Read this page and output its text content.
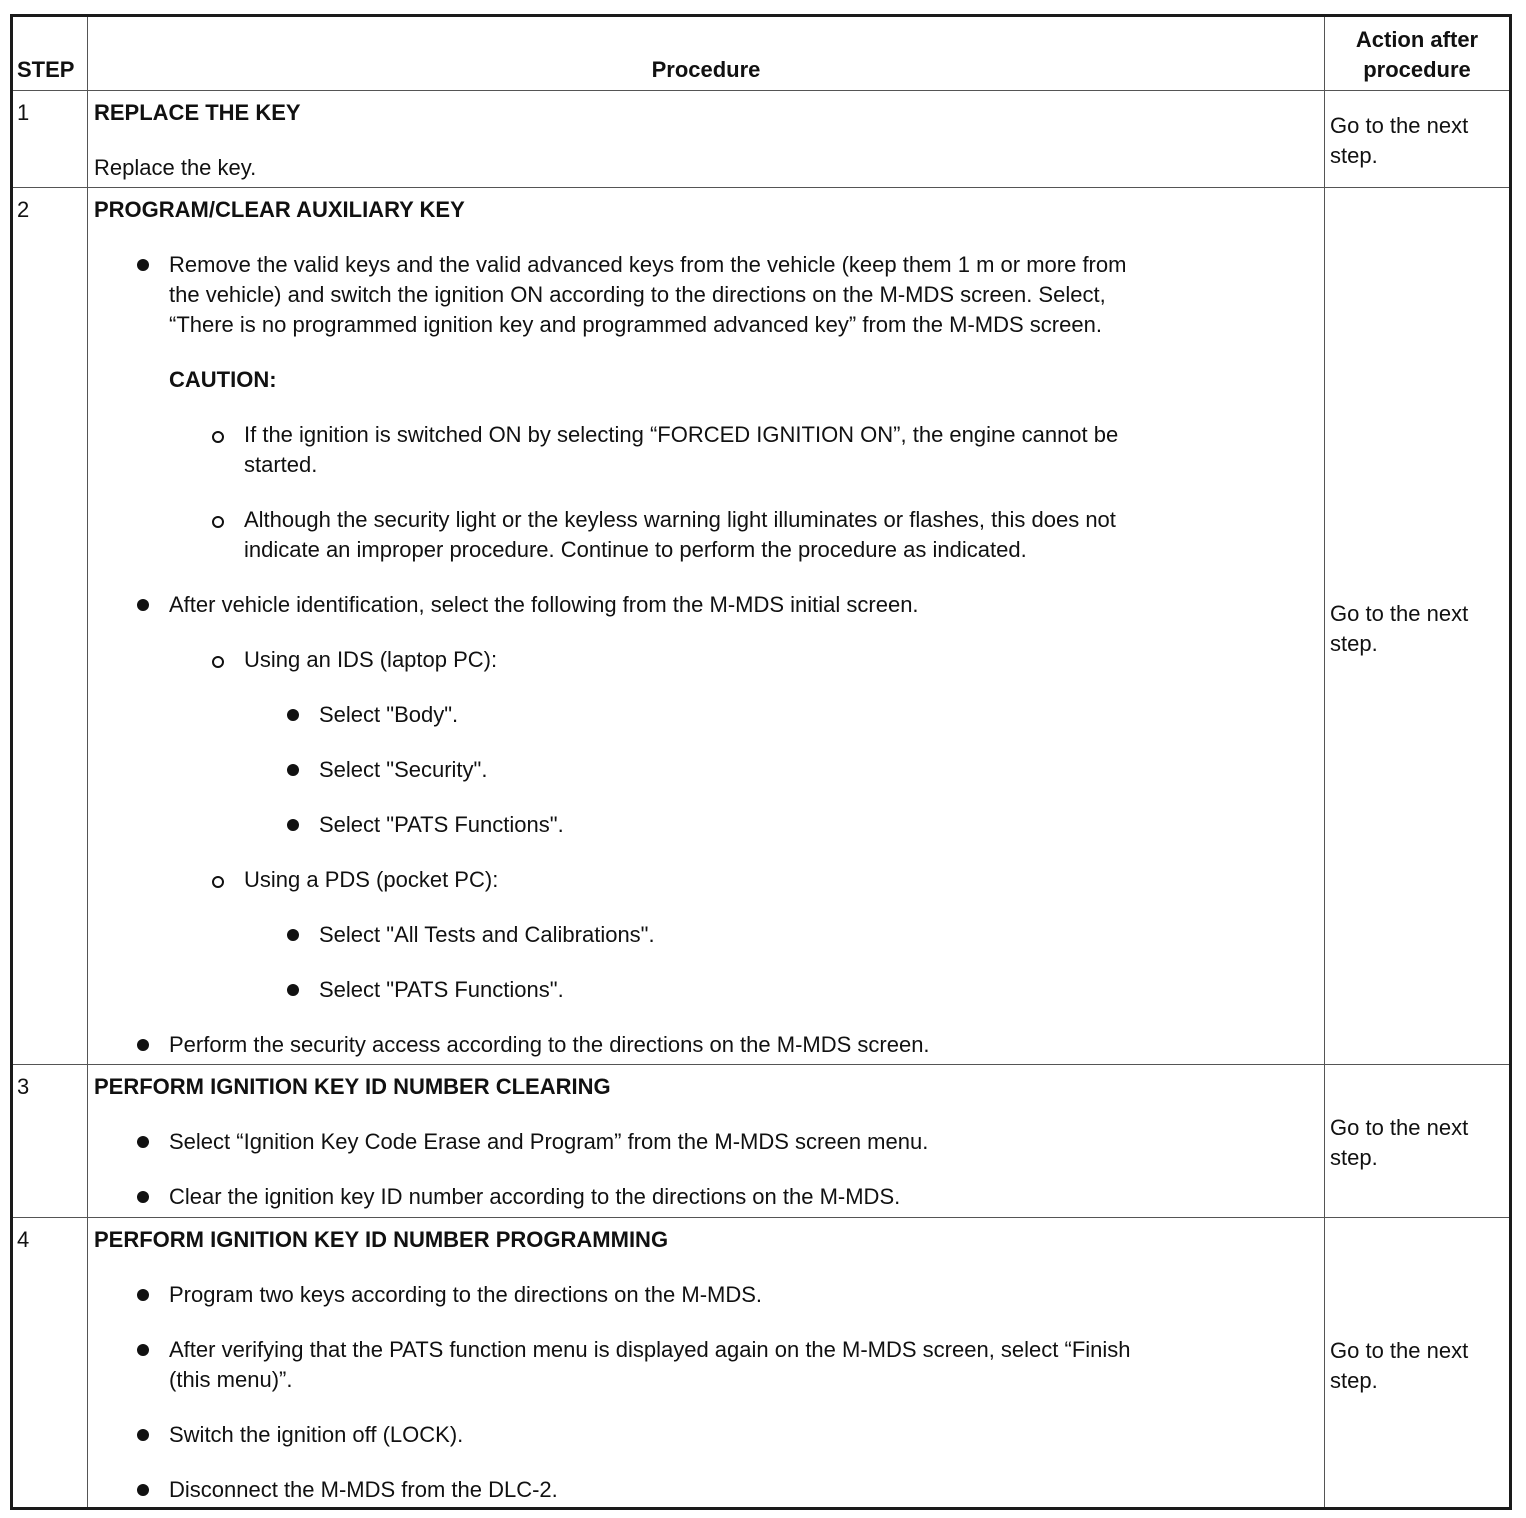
STEP	Procedure
Action after
procedure
1	REPLACE THE KEY
Replace the key.
Go to the next
step.
2	PROGRAM/CLEAR AUXILIARY KEY
Remove the valid keys and the valid advanced keys from the vehicle (keep them 1 m or more from
the vehicle) and switch the ignition ON according to the directions on the M-MDS screen. Select,
“There is no programmed ignition key and programmed advanced key” from the M-MDS screen.
CAUTION:
If the ignition is switched ON by selecting “FORCED IGNITION ON”, the engine cannot be
started.
Although the security light or the keyless warning light illuminates or flashes, this does not
indicate an improper procedure. Continue to perform the procedure as indicated.
After vehicle identification, select the following from the M-MDS initial screen.
Using an IDS (laptop PC):
Select "Body".
Select "Security".
Select "PATS Functions".
Using a PDS (pocket PC):
Select "All Tests and Calibrations".
Select "PATS Functions".
Perform the security access according to the directions on the M-MDS screen.
Go to the next
step.
3	PERFORM IGNITION KEY ID NUMBER CLEARING
Select “Ignition Key Code Erase and Program” from the M-MDS screen menu.
Clear the ignition key ID number according to the directions on the M-MDS.
Go to the next
step.
4	PERFORM IGNITION KEY ID NUMBER PROGRAMMING
Program two keys according to the directions on the M-MDS.
After verifying that the PATS function menu is displayed again on the M-MDS screen, select “Finish
(this menu)”.
Switch the ignition off (LOCK).
Disconnect the M-MDS from the DLC-2.
Go to the next
step.
